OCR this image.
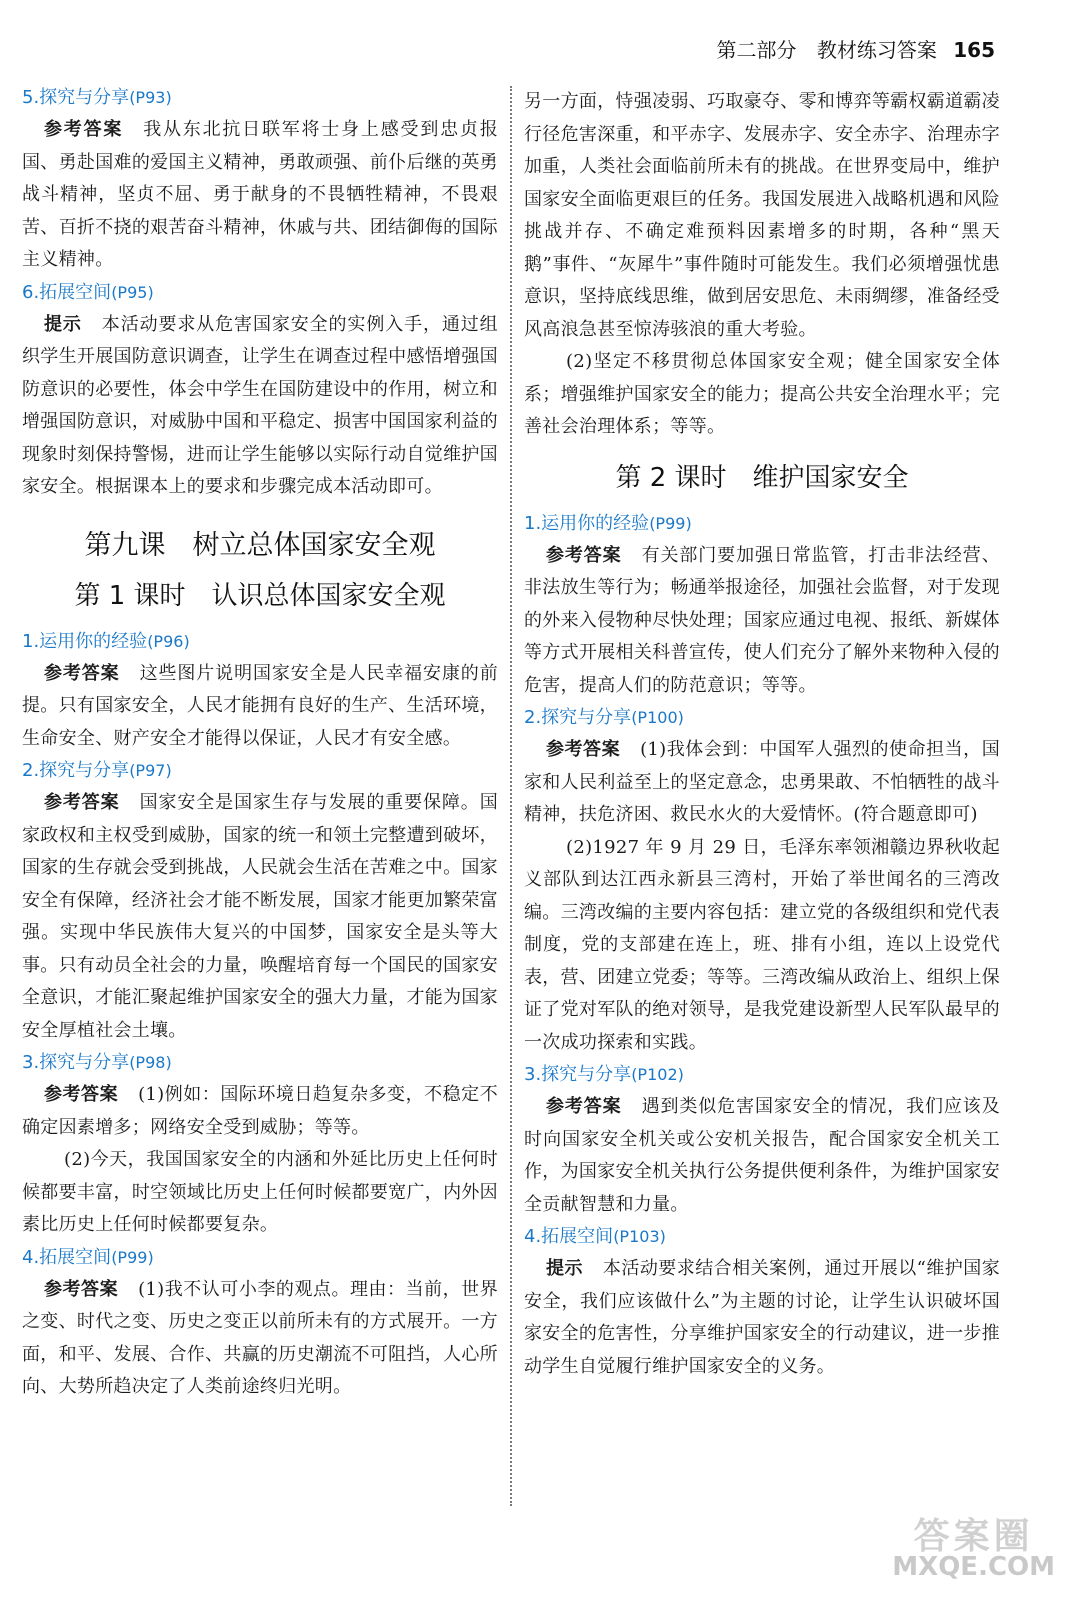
第二部分 教材练习答案 165

5.探究与分享(P93)

参考答案 我从东北抗日联军将士身上感受到忠贞报国、勇赴国难的爱国主义精神，勇敢顽强、前仆后继的英勇战斗精神，坚贞不屈、勇于献身的不畏牺牲精神，不畏艰苦、百折不挠的艰苦奋斗精神，休戚与共、团结御侮的国际主义精神。

6.拓展空间(P95)

提示 本活动要求从危害国家安全的实例入手，通过组织学生开展国防意识调查，让学生在调查过程中感悟增强国防意识的必要性，体会中学生在国防建设中的作用，树立和增强国防意识，对威胁中国和平稳定、损害中国国家利益的现象时刻保持警惕，进而让学生能够以实际行动自觉维护国家安全。根据课本上的要求和步骤完成本活动即可。

第九课　树立总体国家安全观
第 1 课时　认识总体国家安全观

1.运用你的经验(P96)

参考答案 这些图片说明国家安全是人民幸福安康的前提。只有国家安全，人民才能拥有良好的生产、生活环境，生命安全、财产安全才能得以保证，人民才有安全感。

2.探究与分享(P97)

参考答案 国家安全是国家生存与发展的重要保障。国家政权和主权受到威胁，国家的统一和领土完整遭到破坏，国家的生存就会受到挑战，人民就会生活在苦难之中。国家安全有保障，经济社会才能不断发展，国家才能更加繁荣富强。实现中华民族伟大复兴的中国梦，国家安全是头等大事。只有动员全社会的力量，唤醒培育每一个国民的国家安全意识，才能汇聚起维护国家安全的强大力量，才能为国家安全厚植社会土壤。

3.探究与分享(P98)

参考答案 (1)例如：国际环境日趋复杂多变，不稳定不确定因素增多；网络安全受到威胁；等等。

(2)今天，我国国家安全的内涵和外延比历史上任何时候都要丰富，时空领域比历史上任何时候都要宽广，内外因素比历史上任何时候都要复杂。

4.拓展空间(P99)

参考答案 (1)我不认可小李的观点。理由：当前，世界之变、时代之变、历史之变正以前所未有的方式展开。一方面，和平、发展、合作、共赢的历史潮流不可阻挡，人心所向、大势所趋决定了人类前途终归光明。

另一方面，恃强凌弱、巧取豪夺、零和博弈等霸权霸道霸凌行径危害深重，和平赤字、发展赤字、安全赤字、治理赤字加重，人类社会面临前所未有的挑战。在世界变局中，维护国家安全面临更艰巨的任务。我国发展进入战略机遇和风险挑战并存、不确定难预料因素增多的时期，各种“黑天鹅”事件、“灰犀牛”事件随时可能发生。我们必须增强忧患意识，坚持底线思维，做到居安思危、未雨绸缪，准备经受风高浪急甚至惊涛骇浪的重大考验。

(2)坚定不移贯彻总体国家安全观；健全国家安全体系；增强维护国家安全的能力；提高公共安全治理水平；完善社会治理体系；等等。

第 2 课时　维护国家安全

1.运用你的经验(P99)

参考答案 有关部门要加强日常监管，打击非法经营、非法放生等行为；畅通举报途径，加强社会监督，对于发现的外来入侵物种尽快处理；国家应通过电视、报纸、新媒体等方式开展相关科普宣传，使人们充分了解外来物种入侵的危害，提高人们的防范意识；等等。

2.探究与分享(P100)

参考答案 (1)我体会到：中国军人强烈的使命担当，国家和人民利益至上的坚定意念，忠勇果敢、不怕牺牲的战斗精神，扶危济困、救民水火的大爱情怀。(符合题意即可)

(2)1927 年 9 月 29 日，毛泽东率领湘赣边界秋收起义部队到达江西永新县三湾村，开始了举世闻名的三湾改编。三湾改编的主要内容包括：建立党的各级组织和党代表制度，党的支部建在连上，班、排有小组，连以上设党代表，营、团建立党委；等等。三湾改编从政治上、组织上保证了党对军队的绝对领导，是我党建设新型人民军队最早的一次成功探索和实践。

3.探究与分享(P102)

参考答案 遇到类似危害国家安全的情况，我们应该及时向国家安全机关或公安机关报告，配合国家安全机关工作，为国家安全机关执行公务提供便利条件，为维护国家安全贡献智慧和力量。

4.拓展空间(P103)

提示 本活动要求结合相关案例，通过开展以“维护国家安全，我们应该做什么”为主题的讨论，让学生认识破坏国家安全的危害性，分享维护国家安全的行动建议，进一步推动学生自觉履行维护国家安全的义务。

答案圈
MXQE.COM
